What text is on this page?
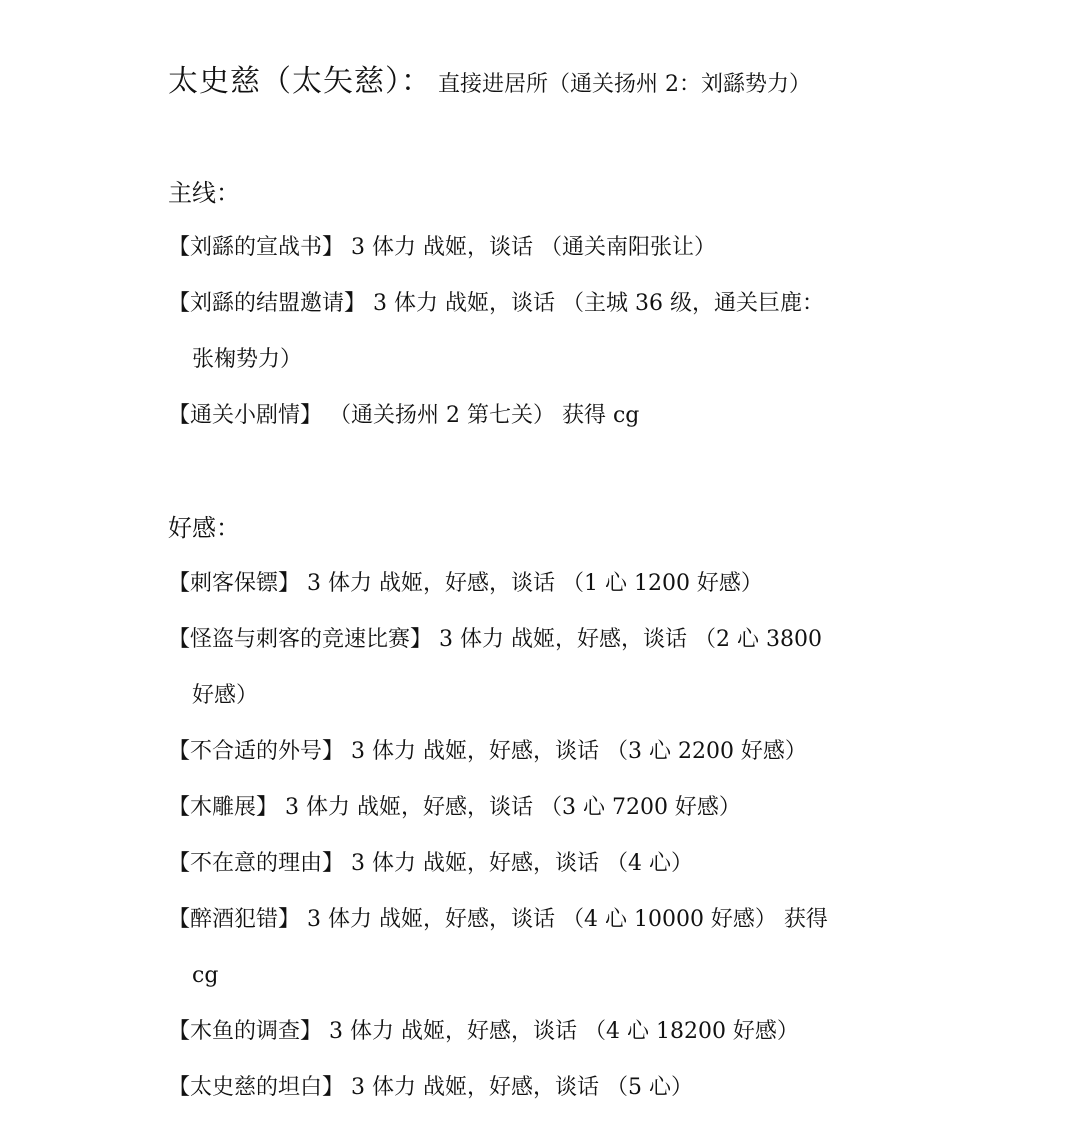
太史慈（太矢慈）： 直接进居所（通关扬州 2：刘繇势力）
主线：
【刘繇的宣战书】 3 体力 战姬，谈话 （通关南阳张让）
【刘繇的结盟邀请】 3 体力 战姬，谈话 （主城 36 级，通关巨鹿：
张椈势力）
【通关小剧情】 （通关扬州 2 第七关） 获得 cg
好感：
【刺客保镖】 3 体力 战姬，好感，谈话 （1 心 1200 好感）
【怪盗与刺客的竞速比赛】 3 体力 战姬，好感，谈话 （2 心 3800
好感）
【不合适的外号】 3 体力 战姬，好感，谈话 （3 心 2200 好感）
【木雕展】 3 体力 战姬，好感，谈话 （3 心 7200 好感）
【不在意的理由】 3 体力 战姬，好感，谈话 （4 心）
【醉酒犯错】 3 体力 战姬，好感，谈话 （4 心 10000 好感） 获得
cg
【木鱼的调查】 3 体力 战姬，好感，谈话 （4 心 18200 好感）
【太史慈的坦白】 3 体力 战姬，好感，谈话 （5 心）
